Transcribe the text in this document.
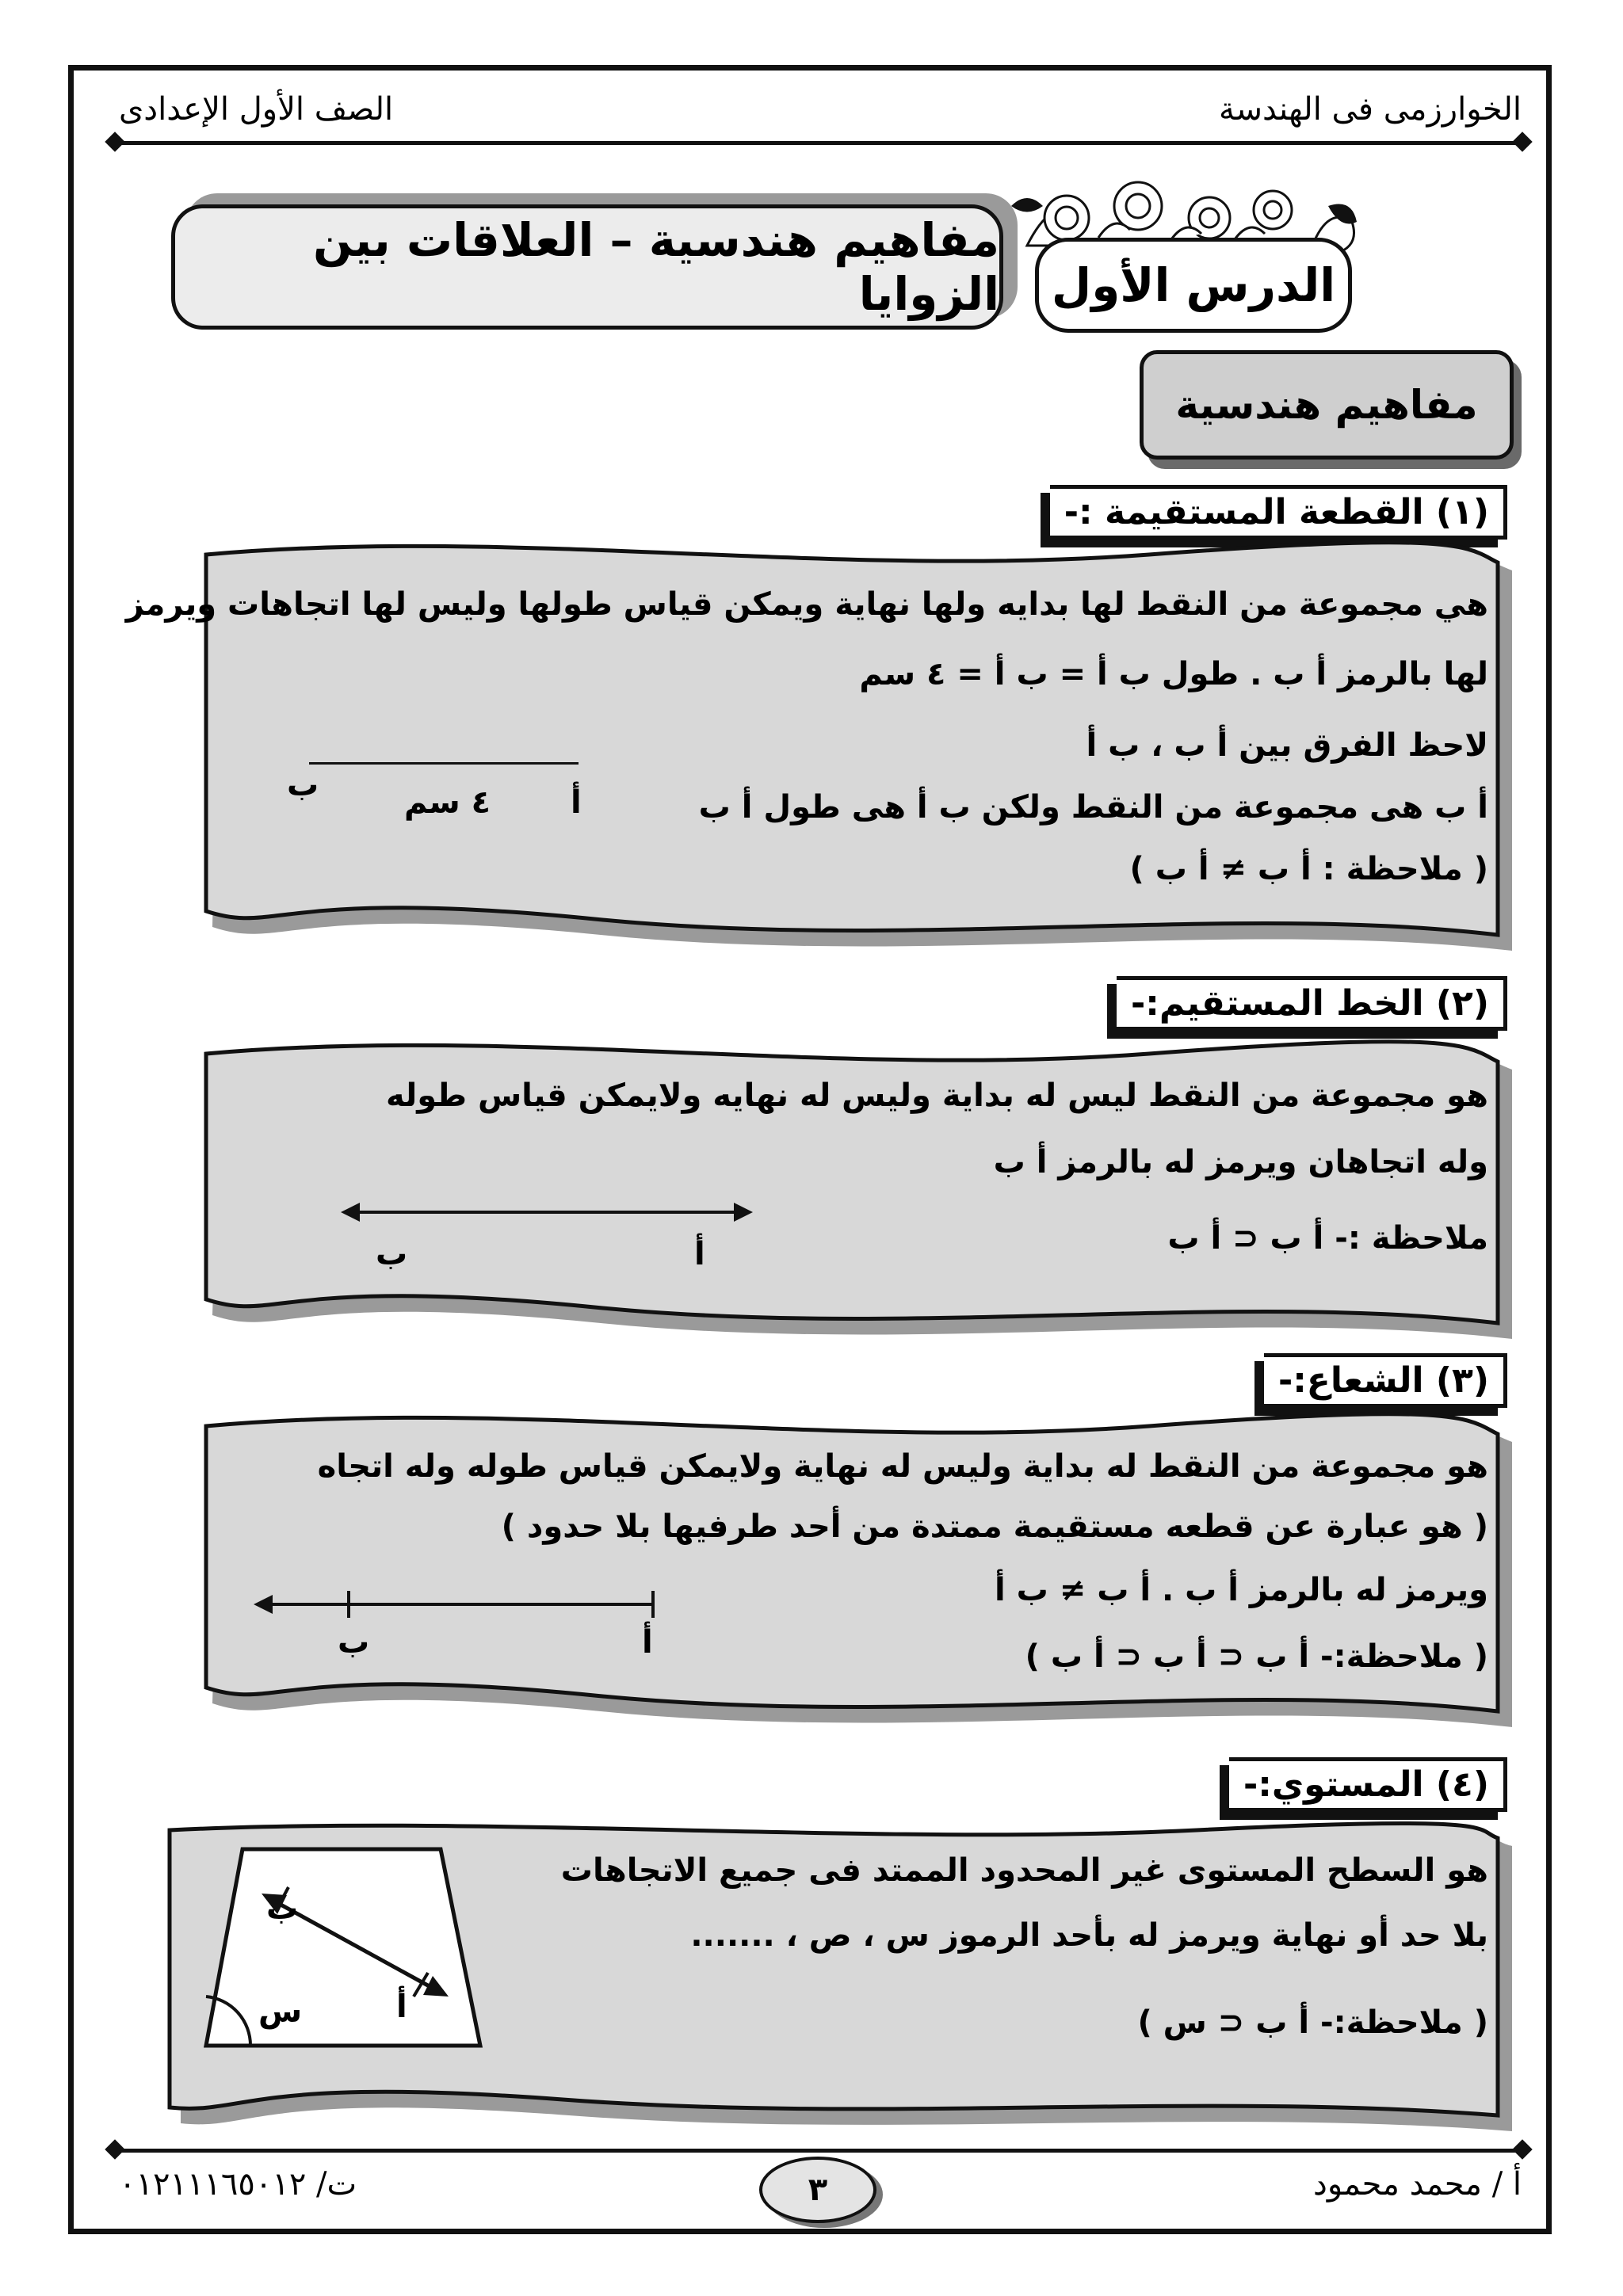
الخوارزمى فى الهندسة
الصف الأول الإعدادى
مفاهيم هندسية – العلاقات بين الزوايا الدرس الأول
مفاهيم هندسية
(١) القطعة المستقيمة :-
هي مجموعة من النقط لها بدايه ولها نهاية ويمكن قياس طولها وليس لها اتجاهات ويرمز
لها بالرمز أ ب . طول ب أ = ب أ = ٤ سم
لاحظ الفرق بين أ ب ، ب أ
أ ب هى مجموعة من النقط ولكن ب أ هى طول أ ب
( ملاحظة : أ ب ≠ أ ب )
أ
ب	٤ سم
(٢) الخط المستقيم:-
هو مجموعة من النقط ليس له بداية وليس له نهايه ولايمكن قياس طوله
وله اتجاهان ويرمز له بالرمز أ ب
ملاحظة :- أ ب ⊂ أ ب
أ
ب
(٣) الشعاع:-
هو مجموعة من النقط له بداية وليس له نهاية ولايمكن قياس طوله وله اتجاه
( هو عبارة عن قطعه مستقيمة ممتدة من أحد طرفيها بلا حدود )
ويرمز له بالرمز أ ب . أ ب ≠ ب أ
( ملاحظة:- أ ب ⊂ أ ب ⊂ أ ب )
أ
ب
(٤) المستوي:-
هو السطح المستوى غير المحدود الممتد فى جميع الاتجاهات
بلا حد أو نهاية ويرمز له بأحد الرموز س ، ص ، .......
( ملاحظة:- أ ب ⊂ س )
ب
أ
س
٣	أ / محمد محمود
ت/ ٠١٢١١١٦٥٠١٢
